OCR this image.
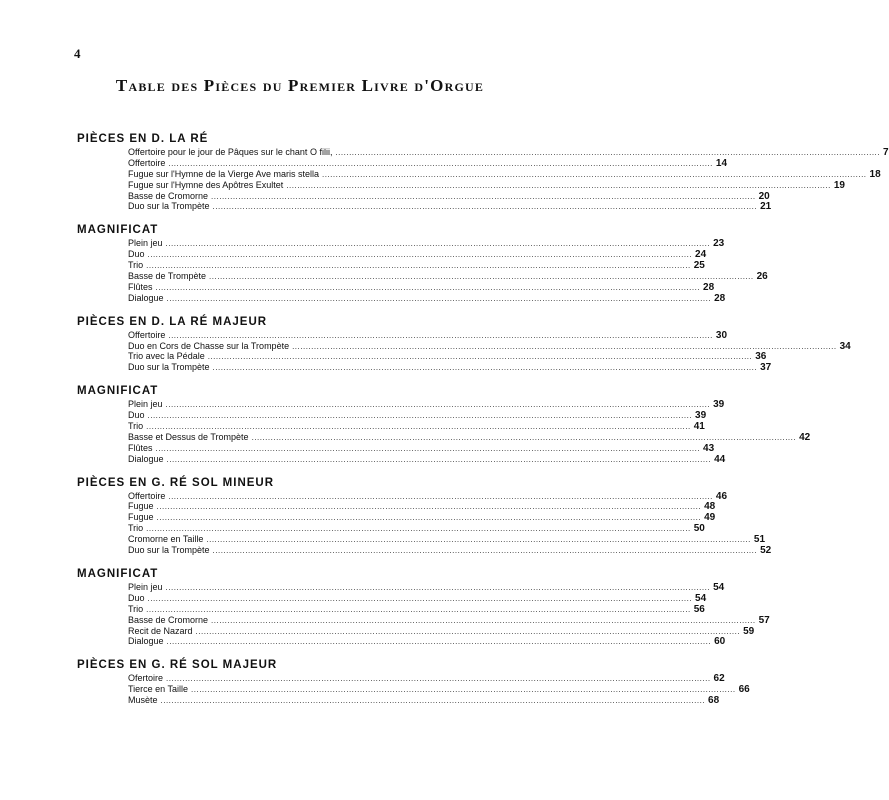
4
Table des Pièces du Premier Livre d'Orgue
PIÈCES EN D. LA RÉ
Offertoire pour le jour de Pâques sur le chant O filii, ........................................................................................................................................................................................................ 7
Offertoire ........................................................................................................................................................................................................ 14
Fugue sur l'Hymne de la Vierge Ave maris stella ........................................................................................................................................................................................................ 18
Fugue sur l'Hymne des Apôtres Exultet ........................................................................................................................................................................................................ 19
Basse de Cromorne ........................................................................................................................................................................................................ 20
Duo sur la Trompète ........................................................................................................................................................................................................ 21
MAGNIFICAT
Plein jeu ........................................................................................................................................................................................................ 23
Duo ........................................................................................................................................................................................................ 24
Trio ........................................................................................................................................................................................................ 25
Basse de Trompète ........................................................................................................................................................................................................ 26
Flûtes ........................................................................................................................................................................................................ 28
Dialogue ........................................................................................................................................................................................................ 28
PIÈCES EN D. LA RÉ MAJEUR
Offertoire ........................................................................................................................................................................................................ 30
Duo en Cors de Chasse sur la Trompète ........................................................................................................................................................................................................ 34
Trio avec la Pédale ........................................................................................................................................................................................................ 36
Duo sur la Trompète ........................................................................................................................................................................................................ 37
MAGNIFICAT
Plein jeu ........................................................................................................................................................................................................ 39
Duo ........................................................................................................................................................................................................ 39
Trio ........................................................................................................................................................................................................ 41
Basse et Dessus de Trompète ........................................................................................................................................................................................................ 42
Flûtes ........................................................................................................................................................................................................ 43
Dialogue ........................................................................................................................................................................................................ 44
PIÈCES EN G. RÉ SOL MINEUR
Offertoire ........................................................................................................................................................................................................ 46
Fugue ........................................................................................................................................................................................................ 48
Fugue ........................................................................................................................................................................................................ 49
Trio ........................................................................................................................................................................................................ 50
Cromorne en Taille ........................................................................................................................................................................................................ 51
Duo sur la Trompète ........................................................................................................................................................................................................ 52
MAGNIFICAT
Plein jeu ........................................................................................................................................................................................................ 54
Duo ........................................................................................................................................................................................................ 54
Trio ........................................................................................................................................................................................................ 56
Basse de Cromorne ........................................................................................................................................................................................................ 57
Recit de Nazard ........................................................................................................................................................................................................ 59
Dialogue ........................................................................................................................................................................................................ 60
PIÈCES EN G. RÉ SOL MAJEUR
Ofertoire ........................................................................................................................................................................................................ 62
Tierce en Taille ........................................................................................................................................................................................................ 66
Musète ........................................................................................................................................................................................................ 68
